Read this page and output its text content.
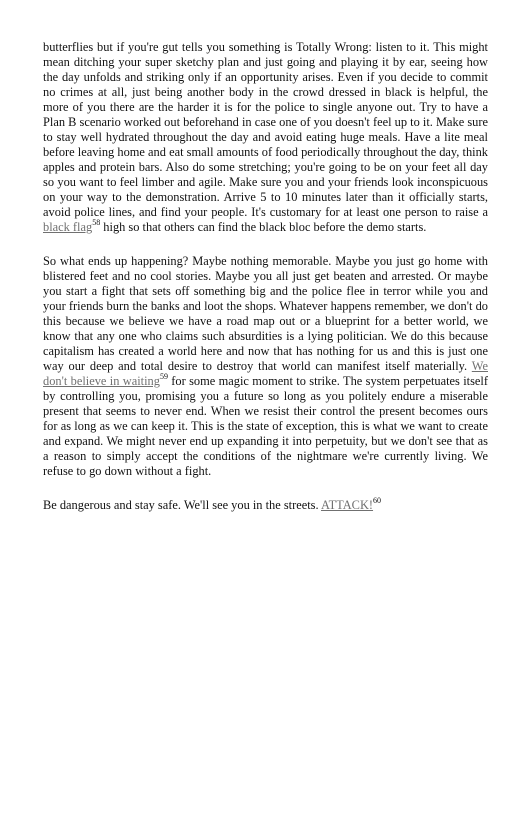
butterflies but if you're gut tells you something is Totally Wrong: listen to it. This might mean ditching your super sketchy plan and just going and playing it by ear, seeing how the day unfolds and striking only if an opportunity arises. Even if you decide to commit no crimes at all, just being another body in the crowd dressed in black is helpful, the more of you there are the harder it is for the police to single anyone out. Try to have a Plan B scenario worked out beforehand in case one of you doesn't feel up to it. Make sure to stay well hydrated throughout the day and avoid eating huge meals. Have a lite meal before leaving home and eat small amounts of food periodically throughout the day, think apples and protein bars. Also do some stretching; you're going to be on your feet all day so you want to feel limber and agile. Make sure you and your friends look inconspicuous on your way to the demonstration. Arrive 5 to 10 minutes later than it officially starts, avoid police lines, and find your people. It's customary for at least one person to raise a black flag$^{58}$ high so that others can find the black bloc before the demo starts.

So what ends up happening? Maybe nothing memorable. Maybe you just go home with blistered feet and no cool stories. Maybe you all just get beaten and arrested. Or maybe you start a fight that sets off something big and the police flee in terror while you and your friends burn the banks and loot the shops. Whatever happens remember, we don't do this because we believe we have a road map out or a blueprint for a better world, we know that any one who claims such absurdities is a lying politician. We do this because capitalism has created a world here and now that has nothing for us and this is just one way our deep and total desire to destroy that world can manifest itself materially. We don't believe in waiting$^{59}$ for some magic moment to strike. The system perpetuates itself by controlling you, promising you a future so long as you politely endure a miserable present that seems to never end. When we resist their control the present becomes ours for as long as we can keep it. This is the state of exception, this is what we want to create and expand. We might never end up expanding it into perpetuity, but we don't see that as a reason to simply accept the conditions of the nightmare we're currently living. We refuse to go down without a fight.

Be dangerous and stay safe. We'll see you in the streets. ATTACK!$^{60}$
